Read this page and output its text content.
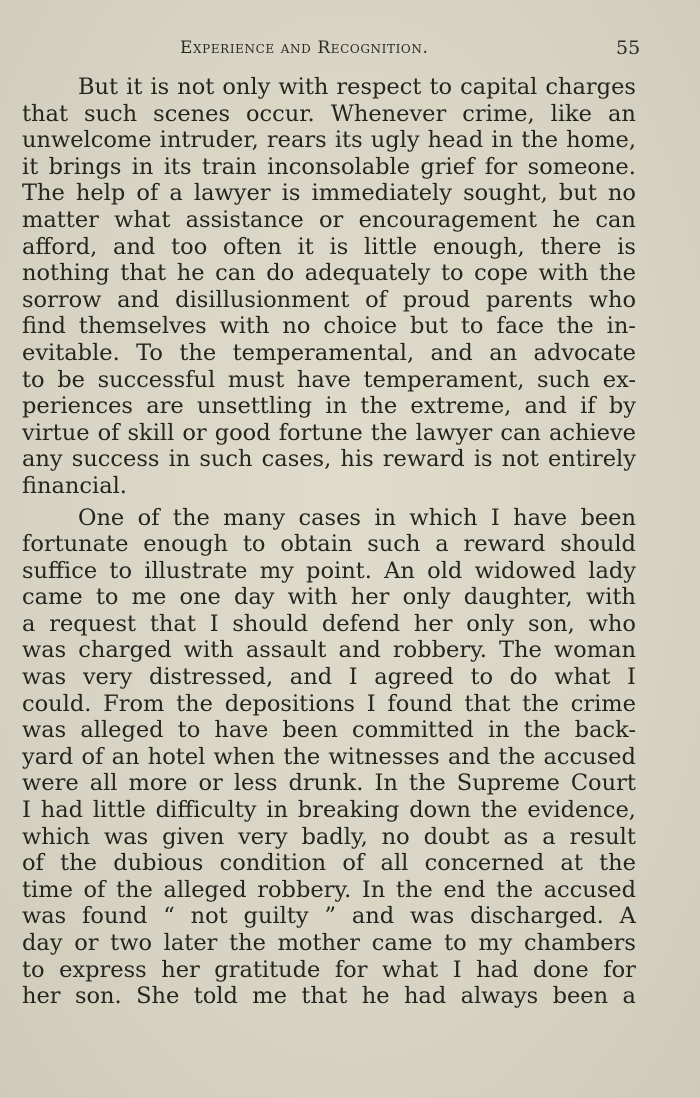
Experience and Recognition.	55
But it is not only with respect to capital charges
that such scenes occur. Whenever crime, like an
unwelcome intruder, rears its ugly head in the home,
it brings in its train inconsolable grief for someone.
The help of a lawyer is immediately sought, but no
matter what assistance or encouragement he can
afford, and too often it is little enough, there is
nothing that he can do adequately to cope with the
sorrow and disillusionment of proud parents who
find themselves with no choice but to face the in-
evitable. To the temperamental, and an advocate
to be successful must have temperament, such ex-
periences are unsettling in the extreme, and if by
virtue of skill or good fortune the lawyer can achieve
any success in such cases, his reward is not entirely
financial.
One of the many cases in which I have been
fortunate enough to obtain such a reward should
suffice to illustrate my point. An old widowed lady
came to me one day with her only daughter, with
a request that I should defend her only son, who
was charged with assault and robbery. The woman
was very distressed, and I agreed to do what I
could. From the depositions I found that the crime
was alleged to have been committed in the back-
yard of an hotel when the witnesses and the accused
were all more or less drunk. In the Supreme Court
I had little difficulty in breaking down the evidence,
which was given very badly, no doubt as a result
of the dubious condition of all concerned at the
time of the alleged robbery. In the end the accused
was found “ not guilty ” and was discharged. A
day or two later the mother came to my chambers
to express her gratitude for what I had done for
her son. She told me that he had always been a
